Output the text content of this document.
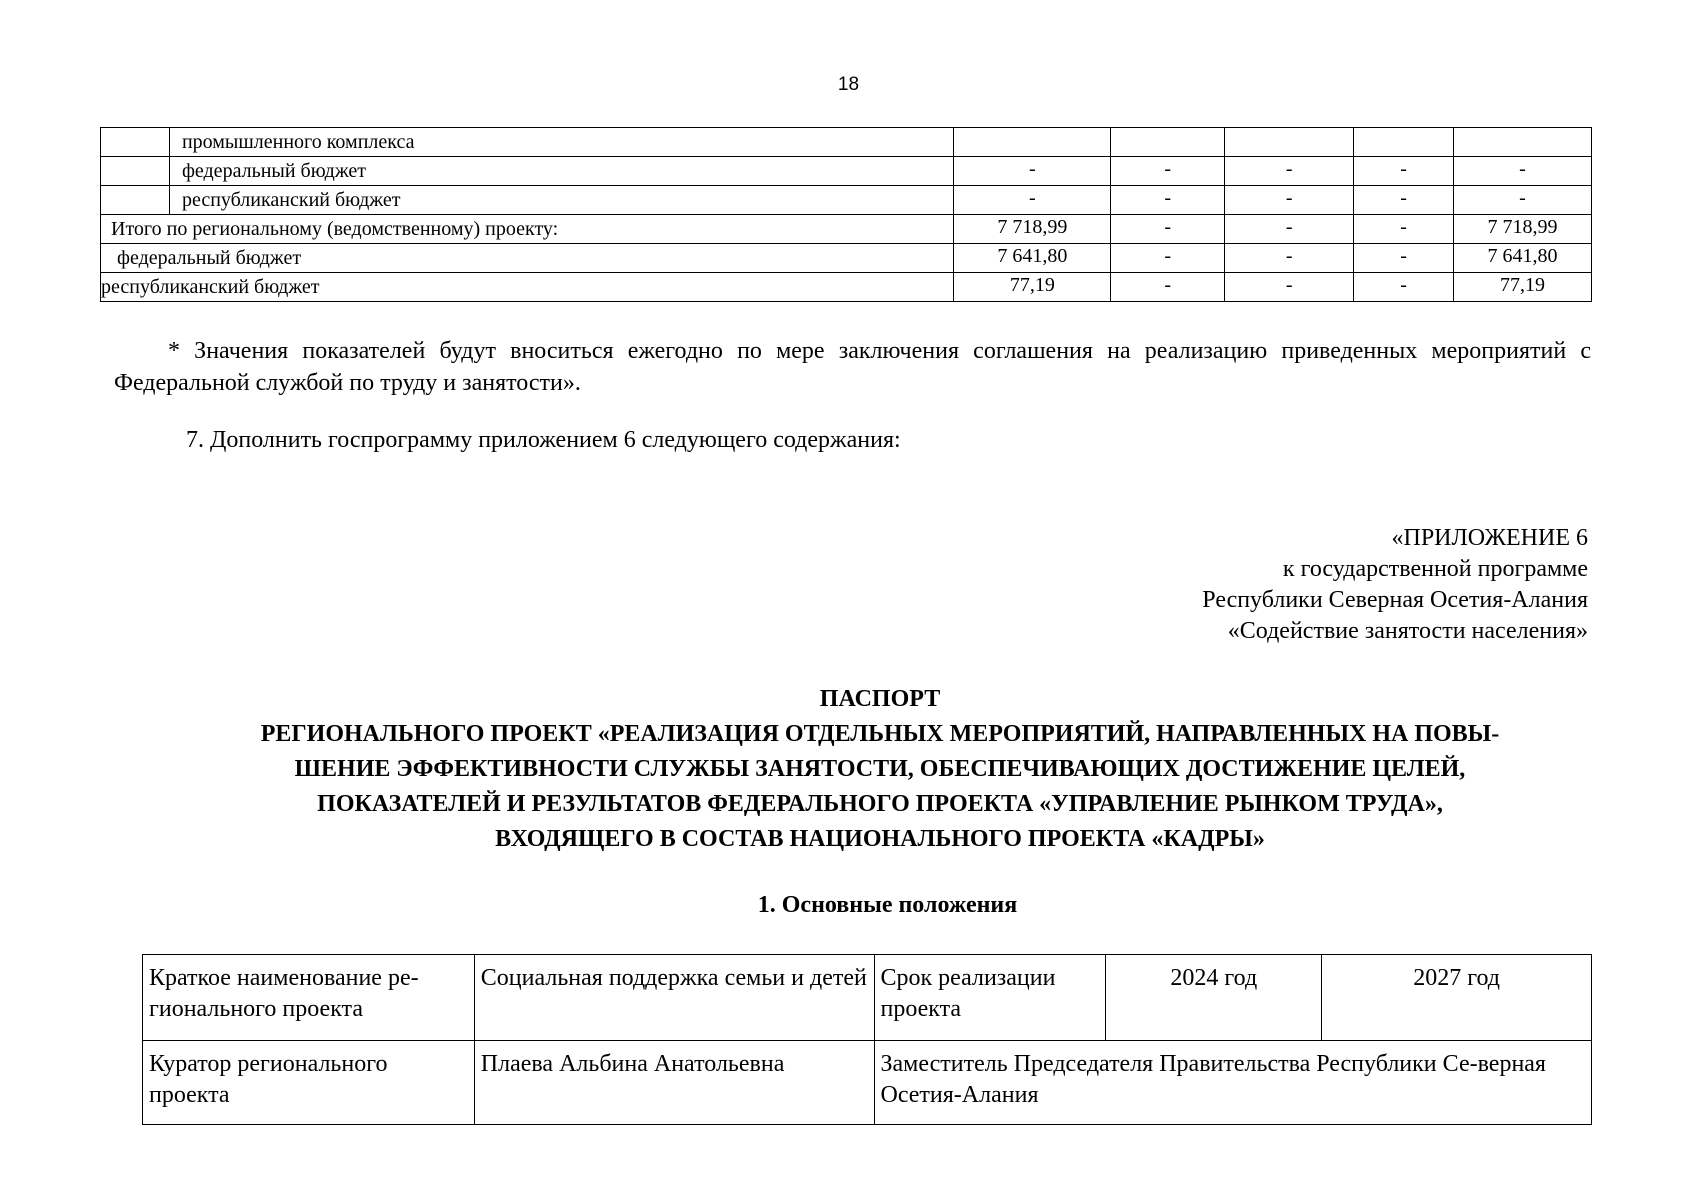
18
	промышленного комплекса					
	федеральный бюджет	-	-	-	-	-
	республиканский бюджет	-	-	-	-	-
Итого по региональному (ведомственному) проекту:		7 718,99	-	-	-	7 718,99
федеральный бюджет		7 641,80	-	-	-	7 641,80
республиканский бюджет		77,19	-	-	-	77,19

* Значения показателей будут вноситься ежегодно по мере заключения соглашения на реализацию приведенных мероприятий с Федеральной службой по труду и занятости».

7. Дополнить госпрограмму приложением 6 следующего содержания:

«ПРИЛОЖЕНИЕ 6
к государственной программе
Республики Северная Осетия-Алания
«Содействие занятости населения»
ПАСПОРТ
РЕГИОНАЛЬНОГО ПРОЕКТ «РЕАЛИЗАЦИЯ ОТДЕЛЬНЫХ МЕРОПРИЯТИЙ, НАПРАВЛЕННЫХ НА ПОВЫ-
ШЕНИЕ ЭФФЕКТИВНОСТИ СЛУЖБЫ ЗАНЯТОСТИ, ОБЕСПЕЧИВАЮЩИХ ДОСТИЖЕНИЕ ЦЕЛЕЙ,
ПОКАЗАТЕЛЕЙ И РЕЗУЛЬТАТОВ ФЕДЕРАЛЬНОГО ПРОЕКТА «УПРАВЛЕНИЕ РЫНКОМ ТРУДА»,
ВХОДЯЩЕГО В СОСТАВ НАЦИОНАЛЬНОГО ПРОЕКТА «КАДРЫ»
1. Основные положения
Краткое наименование ре-гионального проекта	Социальная поддержка семьи и детей	Срок реализации проекта	2024 год	2027 год
Куратор регионального проекта	Плаева Альбина Анатольевна	Заместитель Председателя Правительства Республики Се-верная Осетия-Алания		
